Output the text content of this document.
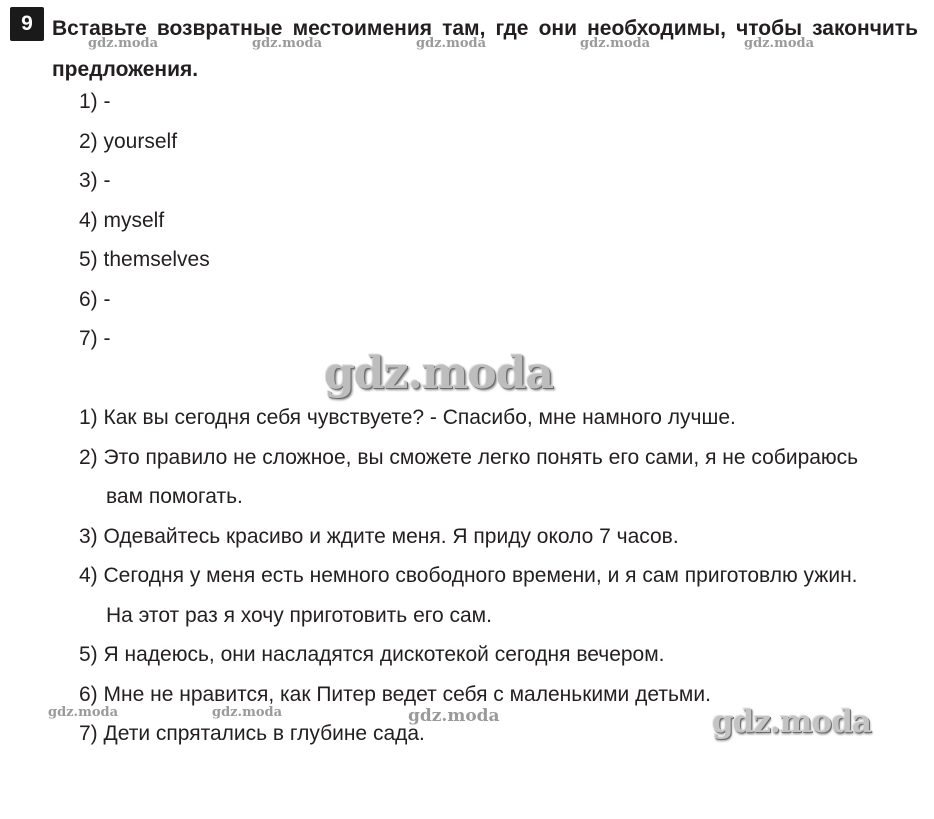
9 Вставьте возвратные местоимения там, где они необходимы, чтобы закончить предложения.

1) -
2) yourself
3) -
4) myself
5) themselves
6) -
7) -
1) Как вы сегодня себя чувствуете? - Спасибо, мне намного лучше.
2) Это правило не сложное, вы сможете легко понять его сами, я не собираюсь
вам помогать.
3) Одевайтесь красиво и ждите меня. Я приду около 7 часов.
4) Сегодня у меня есть немного свободного времени, и я сам приготовлю ужин.
На этот раз я хочу приготовить его сам.
5) Я надеюсь, они насладятся дискотекой сегодня вечером.
6) Мне не нравится, как Питер ведет себя с маленькими детьми.
7) Дети спрятались в глубине сада.
gdz.moda	gdz.moda	gdz.moda	gdz.moda	gdz.moda
gdz.moda
gdz.moda	gdz.moda	gdz.moda	gdz.moda
